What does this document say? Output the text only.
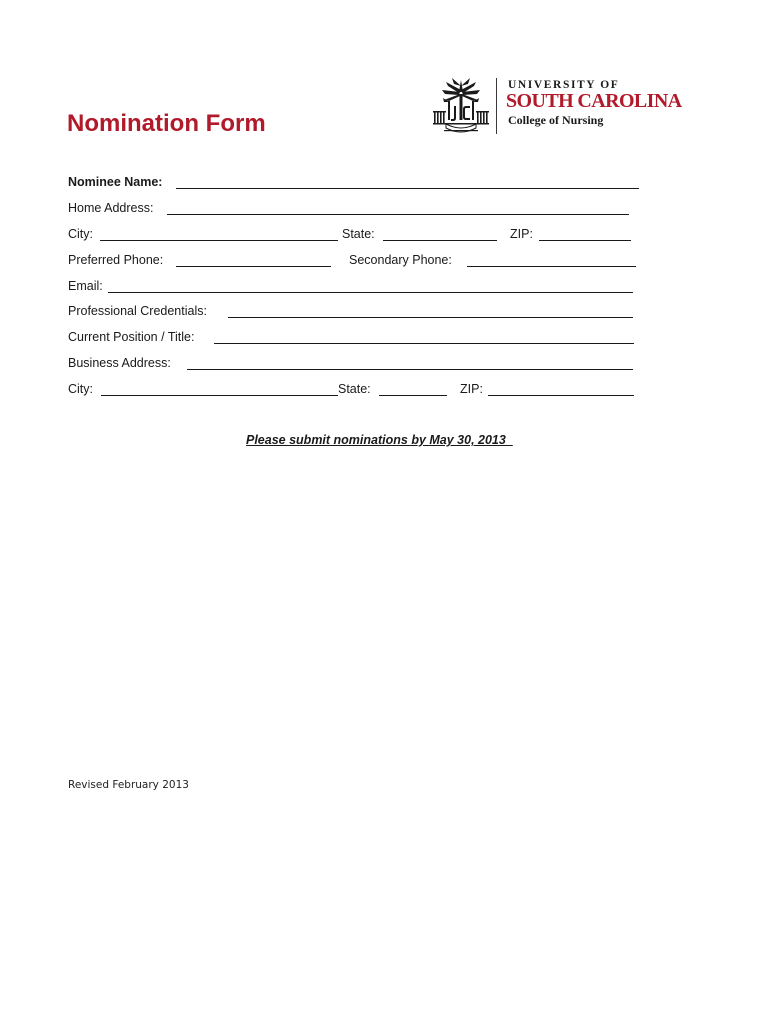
Nomination Form
UNIVERSITY OF
SOUTH CAROLINA
College of Nursing
Nominee Name:
Home Address:
City:	State:	ZIP:
Preferred Phone:	Secondary Phone:
Email:
Professional Credentials:
Current Position / Title:
Business Address:
City:	State:	ZIP:
Please submit nominations by May 30, 2013
Revised February 2013
